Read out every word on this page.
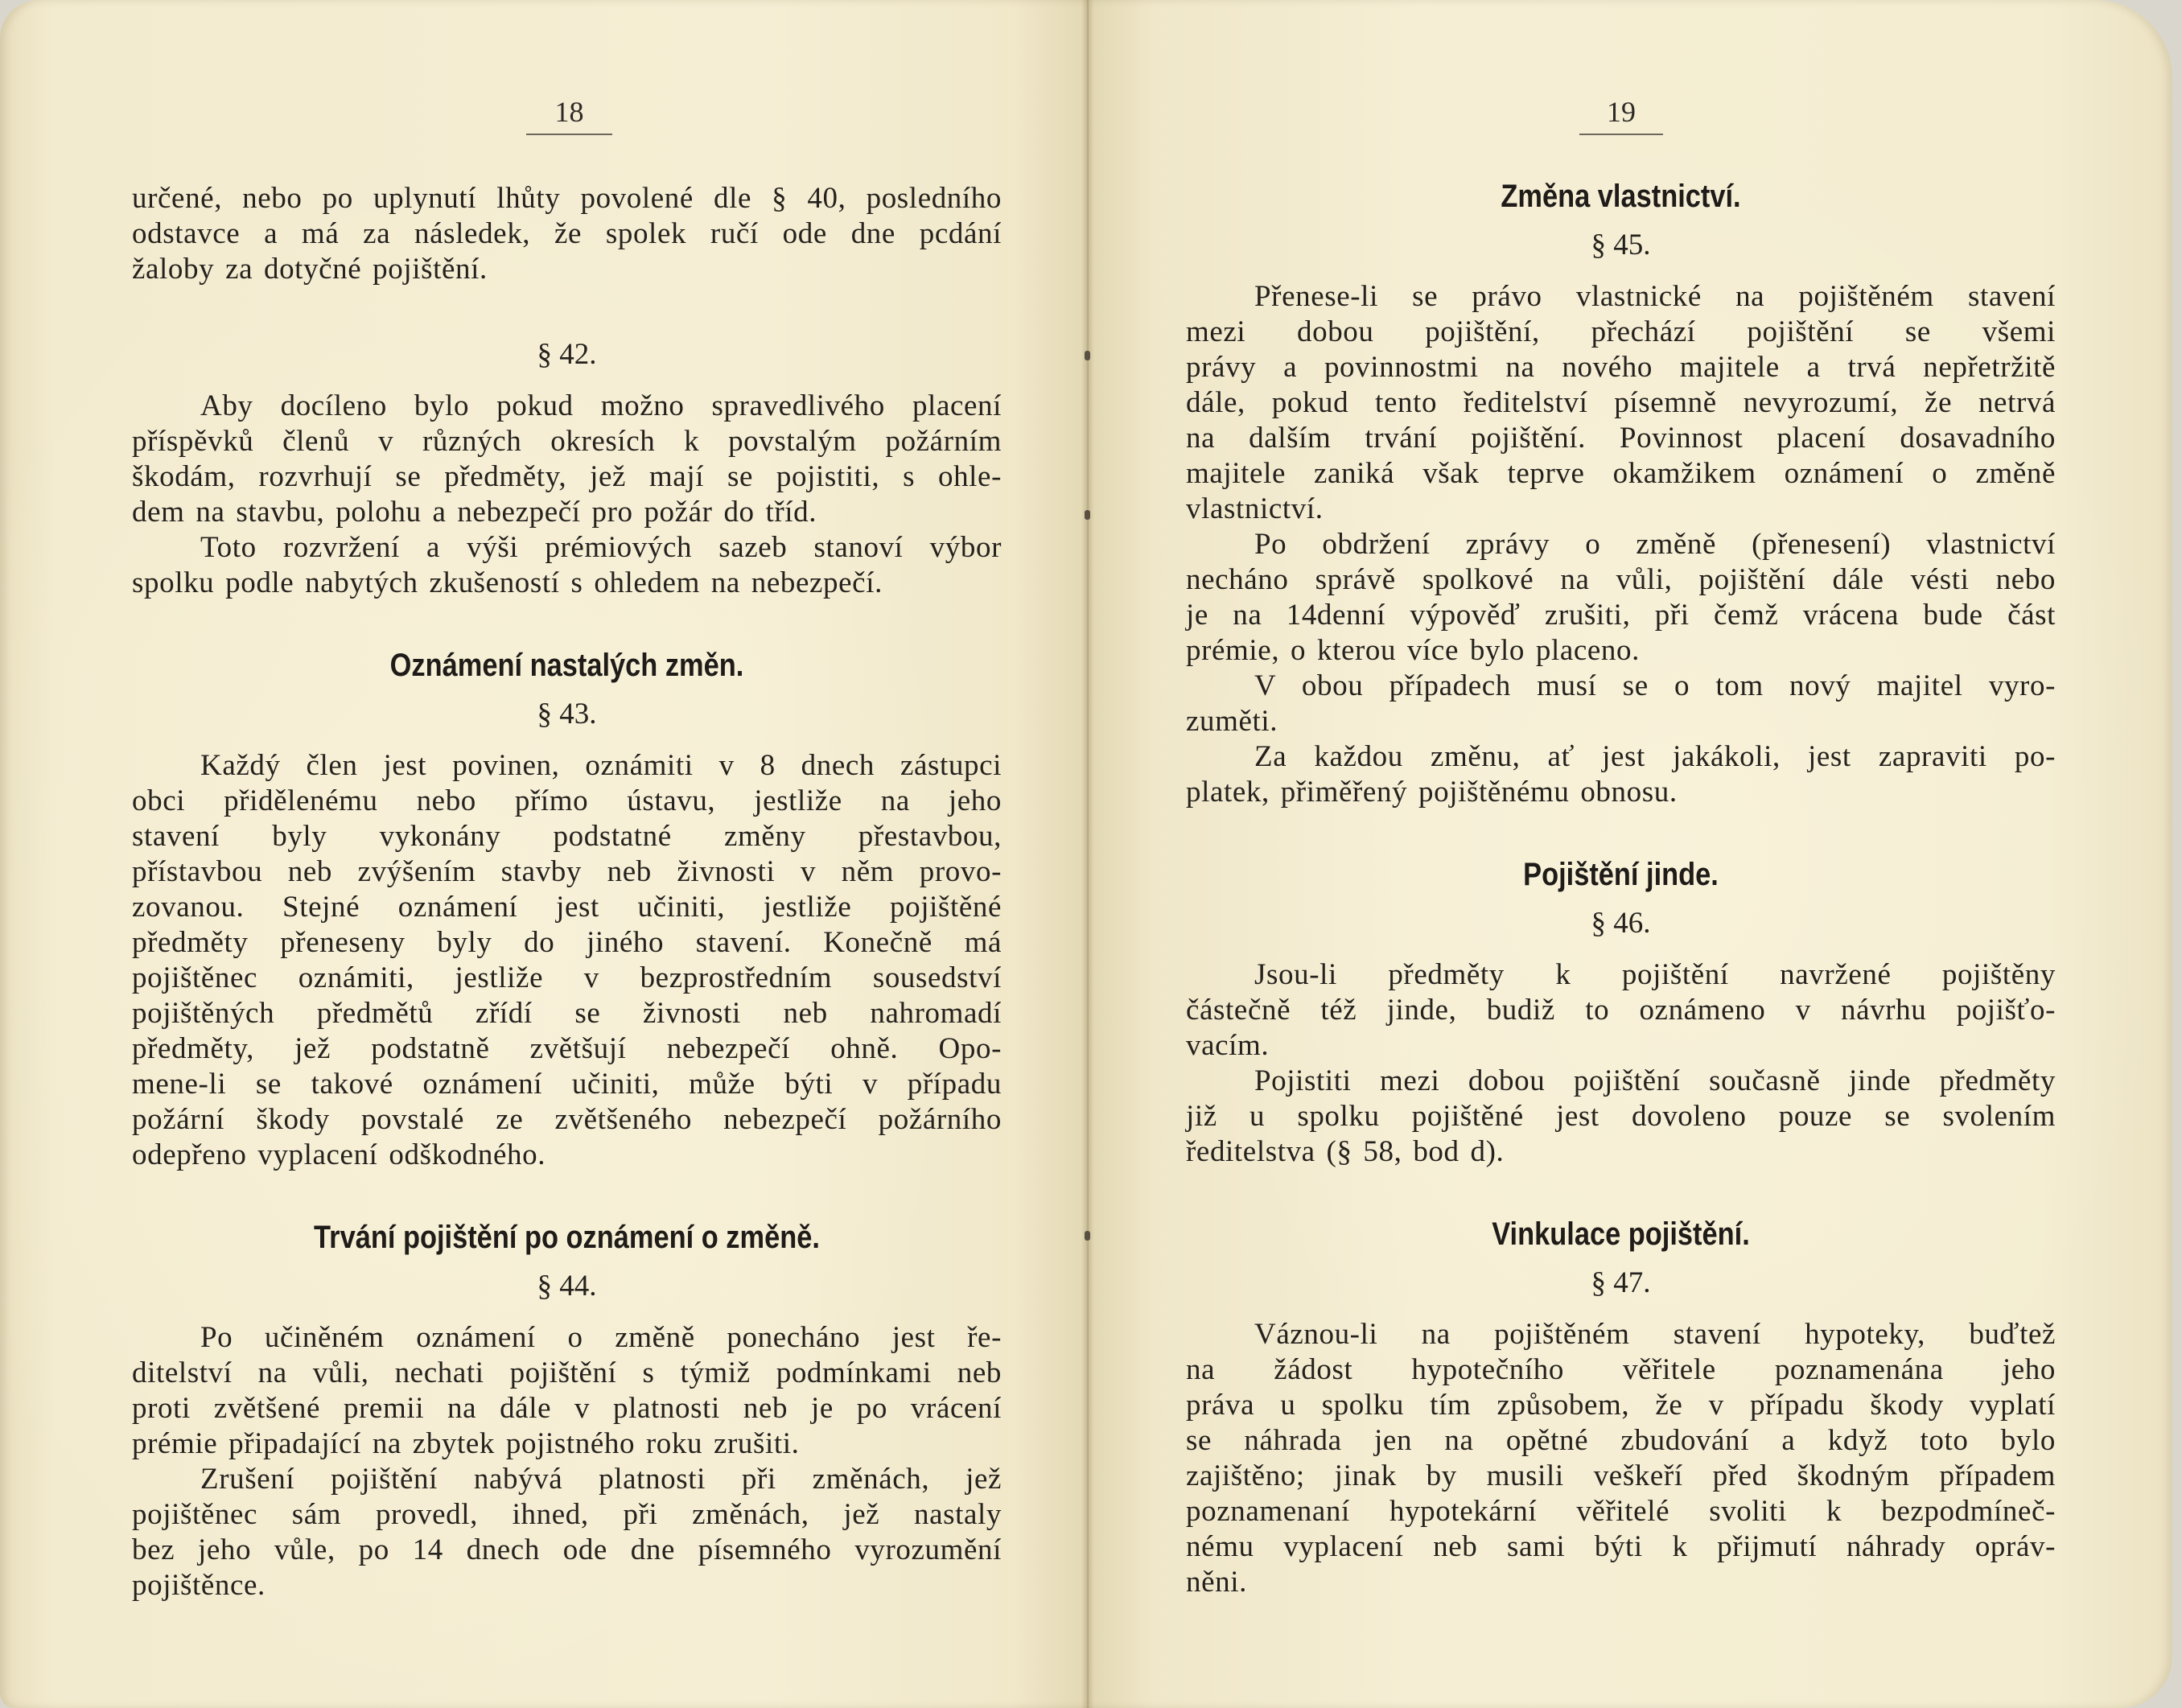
18
určené, nebo po uplynutí lhůty povolené dle § 40, posledního
odstavce a má za následek, že spolek ručí ode dne pcdání
žaloby za dotyčné pojištění.
§ 42.
Aby docíleno bylo pokud možno spravedlivého placení
příspěvků členů v různých okresích k povstalým požárním
škodám, rozvrhují se předměty, jež mají se pojistiti, s ohle-
dem na stavbu, polohu a nebezpečí pro požár do tříd.
Toto rozvržení a výši prémiových sazeb stanoví výbor
spolku podle nabytých zkušeností s ohledem na nebezpečí.
Oznámení nastalých změn.
§ 43.
Každý člen jest povinen, oznámiti v 8 dnech zástupci
obci přidělenému nebo přímo ústavu, jestliže na jeho
stavení byly vykonány podstatné změny přestavbou,
přístavbou neb zvýšením stavby neb živnosti v něm provo-
zovanou. Stejné oznámení jest učiniti, jestliže pojištěné
předměty přeneseny byly do jiného stavení. Konečně má
pojištěnec oznámiti, jestliže v bezprostředním sousedství
pojištěných předmětů zřídí se živnosti neb nahromadí
předměty, jež podstatně zvětšují nebezpečí ohně. Opo-
mene-li se takové oznámení učiniti, může býti v případu
požární škody povstalé ze zvětšeného nebezpečí požárního
odepřeno vyplacení odškodného.
Trvání pojištění po oznámení o změně.
§ 44.
Po učiněném oznámení o změně ponecháno jest ře-
ditelství na vůli, nechati pojištění s týmiž podmínkami neb
proti zvětšené premii na dále v platnosti neb je po vrácení
prémie připadající na zbytek pojistného roku zrušiti.
Zrušení pojištění nabývá platnosti při změnách, jež
pojištěnec sám provedl, ihned, při změnách, jež nastaly
bez jeho vůle, po 14 dnech ode dne písemného vyrozumění
pojištěnce.
19
Změna vlastnictví.
§ 45.
Přenese-li se právo vlastnické na pojištěném stavení
mezi dobou pojištění, přechází pojištění se všemi
právy a povinnostmi na nového majitele a trvá nepřetržitě
dále, pokud tento ředitelství písemně nevyrozumí, že netrvá
na dalším trvání pojištění. Povinnost placení dosavadního
majitele zaniká však teprve okamžikem oznámení o změně
vlastnictví.
Po obdržení zprávy o změně (přenesení) vlastnictví
necháno správě spolkové na vůli, pojištění dále vésti nebo
je na 14denní výpověď zrušiti, při čemž vrácena bude část
prémie, o kterou více bylo placeno.
V obou případech musí se o tom nový majitel vyro-
zuměti.
Za každou změnu, ať jest jakákoli, jest zapraviti po-
platek, přiměřený pojištěnému obnosu.
Pojištění jinde.
§ 46.
Jsou-li předměty k pojištění navržené pojištěny
částečně též jinde, budiž to oznámeno v návrhu pojišťo-
vacím.
Pojistiti mezi dobou pojištění současně jinde předměty
již u spolku pojištěné jest dovoleno pouze se svolením
ředitelstva (§ 58, bod d).
Vinkulace pojištění.
§ 47.
Váznou-li na pojištěném stavení hypoteky, buďtež
na žádost hypotečního věřitele poznamenána jeho
práva u spolku tím způsobem, že v případu škody vyplatí
se náhrada jen na opětné zbudování a když toto bylo
zajištěno; jinak by musili veškeří před škodným případem
poznamenaní hypotekární věřitelé svoliti k bezpodmíneč-
nému vyplacení neb sami býti k přijmutí náhrady opráv-
něni.
